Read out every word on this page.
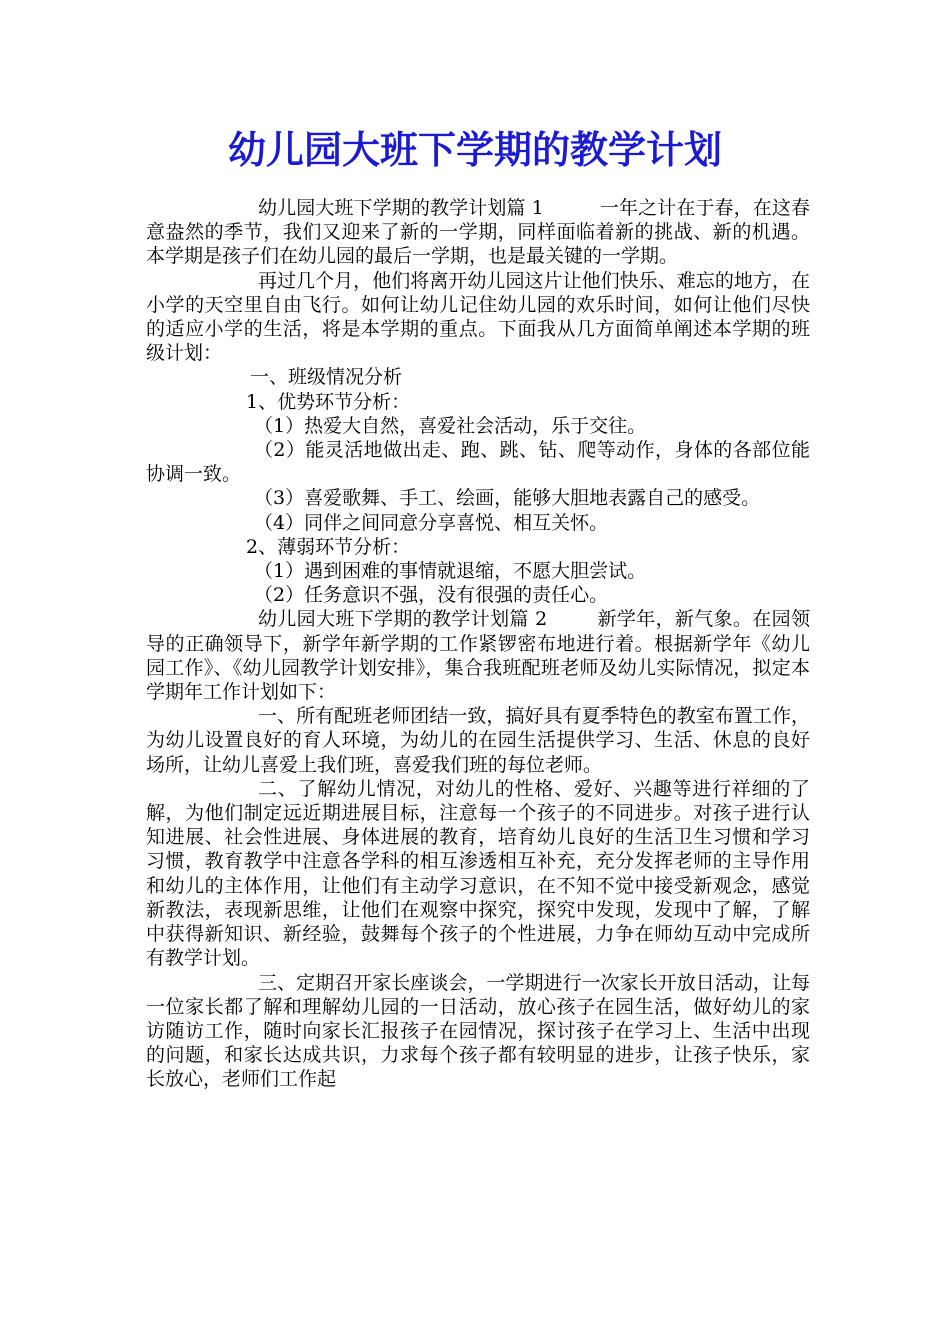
幼儿园大班下学期的教学计划

幼儿园大班下学期的教学计划篇 1	一年之计在于春，在这春意盎然的季节，我们又迎来了新的一学期，同样面临着新的挑战、新的机遇。本学期是孩子们在幼儿园的最后一学期，也是最关键的一学期。

再过几个月，他们将离开幼儿园这片让他们快乐、难忘的地方，在小学的天空里自由飞行。如何让幼儿记住幼儿园的欢乐时间，如何让他们尽快的适应小学的生活，将是本学期的重点。下面我从几方面简单阐述本学期的班级计划：

一、班级情况分析

1、优势环节分析：

（1）热爱大自然，喜爱社会活动，乐于交往。

（2）能灵活地做出走、跑、跳、钻、爬等动作，身体的各部位能协调一致。

（3）喜爱歌舞、手工、绘画，能够大胆地表露自己的感受。

（4）同伴之间同意分享喜悦、相互关怀。

2、薄弱环节分析：

（1）遇到困难的事情就退缩，不愿大胆尝试。

（2）任务意识不强，没有很强的责任心。

幼儿园大班下学期的教学计划篇 2	新学年，新气象。在园领导的正确领导下，新学年新学期的工作紧锣密布地进行着。根据新学年《幼儿园工作》、《幼儿园教学计划安排》，集合我班配班老师及幼儿实际情况，拟定本学期年工作计划如下：

一、所有配班老师团结一致，搞好具有夏季特色的教室布置工作，为幼儿设置良好的育人环境，为幼儿的在园生活提供学习、生活、休息的良好场所，让幼儿喜爱上我们班，喜爱我们班的每位老师。

二、了解幼儿情况，对幼儿的性格、爱好、兴趣等进行祥细的了解，为他们制定远近期进展目标，注意每一个孩子的不同进步。对孩子进行认知进展、社会性进展、身体进展的教育，培育幼儿良好的生活卫生习惯和学习习惯，教育教学中注意各学科的相互渗透相互补充，充分发挥老师的主导作用和幼儿的主体作用，让他们有主动学习意识，在不知不觉中接受新观念，感觉新教法，表现新思维，让他们在观察中探究，探究中发现，发现中了解，了解中获得新知识、新经验，鼓舞每个孩子的个性进展，力争在师幼互动中完成所有教学计划。

三、定期召开家长座谈会，一学期进行一次家长开放日活动，让每一位家长都了解和理解幼儿园的一日活动，放心孩子在园生活，做好幼儿的家访随访工作，随时向家长汇报孩子在园情况，探讨孩子在学习上、生活中出现的问题，和家长达成共识，力求每个孩子都有较明显的进步，让孩子快乐，家长放心，老师们工作起
